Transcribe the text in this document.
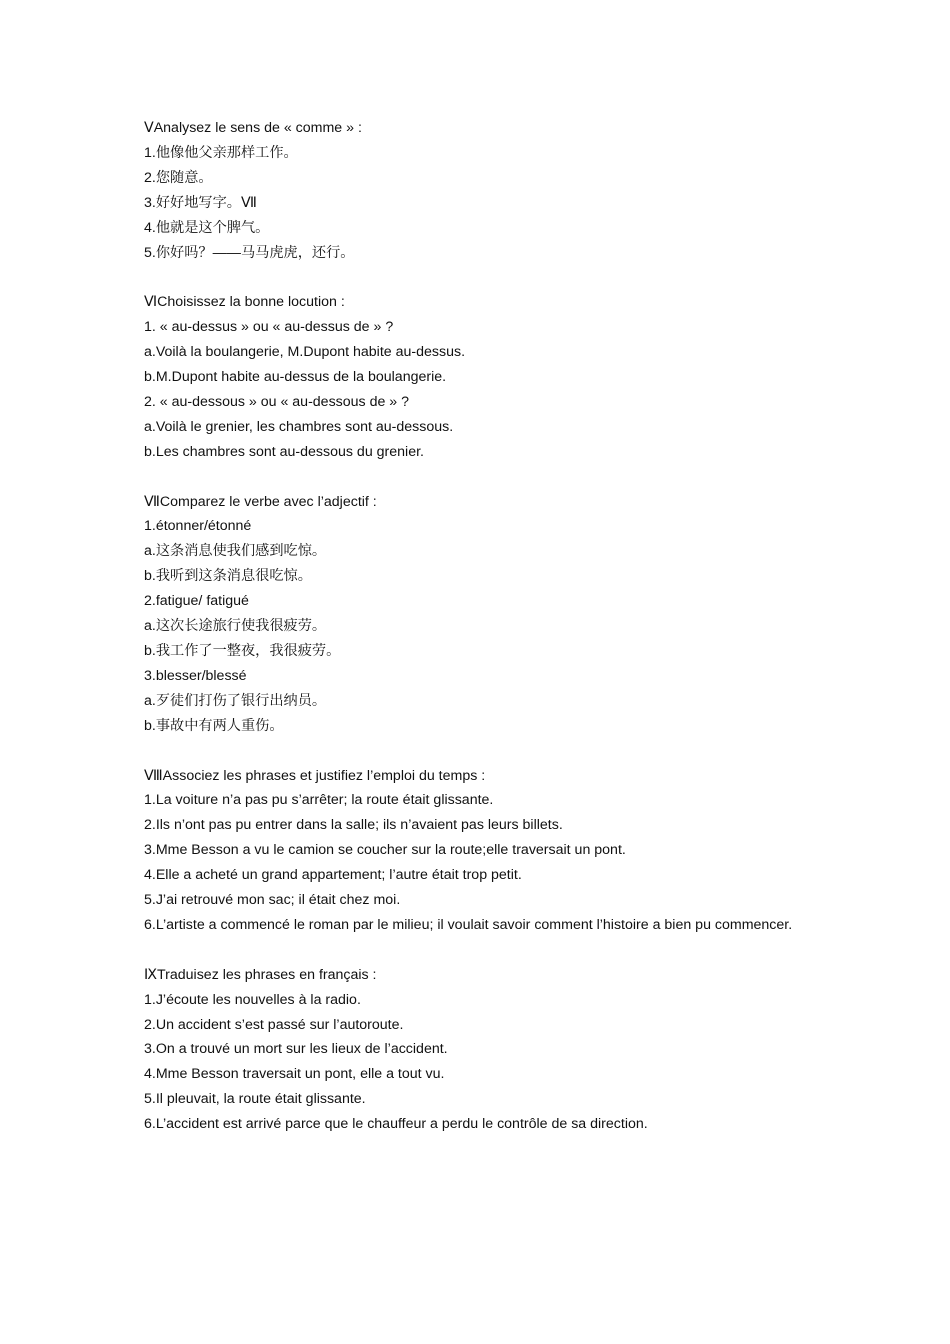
ⅤAnalysez le sens de « comme » :
1.他像他父亲那样工作。
2.您随意。
3.好好地写字。Ⅶ
4.他就是这个脾气。
5.你好吗？——马马虎虎，还行。
ⅥChoisissez la bonne locution :
1. « au-dessus » ou « au-dessus de » ?
a.Voilà la boulangerie, M.Dupont habite au-dessus.
b.M.Dupont habite au-dessus de la boulangerie.
2. « au-dessous » ou « au-dessous de » ?
a.Voilà le grenier, les chambres sont au-dessous.
b.Les chambres sont au-dessous du grenier.
ⅦComparez le verbe avec l’adjectif :
1.étonner/étonné
a.这条消息使我们感到吃惊。
b.我听到这条消息很吃惊。
2.fatigue/ fatigué
a.这次长途旅行使我很疲劳。
b.我工作了一整夜，我很疲劳。
3.blesser/blessé
a.歹徒们打伤了银行出纳员。
b.事故中有两人重伤。
ⅧAssociez les phrases et justifiez l’emploi du temps :
1.La voiture n’a pas pu s’arrêter; la route était glissante.
2.Ils n’ont pas pu entrer dans la salle; ils n’avaient pas leurs billets.
3.Mme Besson a vu le camion se coucher sur la route;elle traversait un pont.
4.Elle a acheté un grand appartement; l’autre était trop petit.
5.J’ai retrouvé mon sac; il était chez moi.
6.L’artiste a commencé le roman par le milieu; il voulait savoir comment l’histoire a bien pu commencer.
ⅨTraduisez les phrases en français :
1.J’écoute les nouvelles à la radio.
2.Un accident s’est passé sur l’autoroute.
3.On a trouvé un mort sur les lieux de l’accident.
4.Mme Besson traversait un pont, elle a tout vu.
5.Il pleuvait, la route était glissante.
6.L’accident est arrivé parce que le chauffeur a perdu le contrôle de sa direction.
